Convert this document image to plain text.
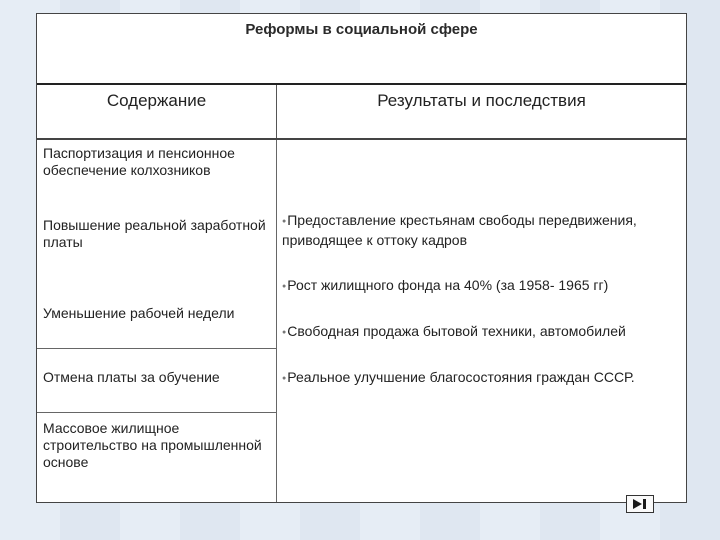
Реформы в социальной сфере
Содержание	Результаты и последствия
Паспортизация и пенсионное обеспечение колхозников
Повышение реальной заработной платы
Уменьшение рабочей недели
Отмена платы за обучение
Массовое жилищное строительство на промышленной основе
●Предоставление крестьянам свободы передвижения, приводящее к оттоку кадров
●Рост жилищного фонда на 40% (за 1958- 1965 гг)
●Свободная продажа бытовой техники, автомобилей
●Реальное улучшение благосостояния граждан СССР.
